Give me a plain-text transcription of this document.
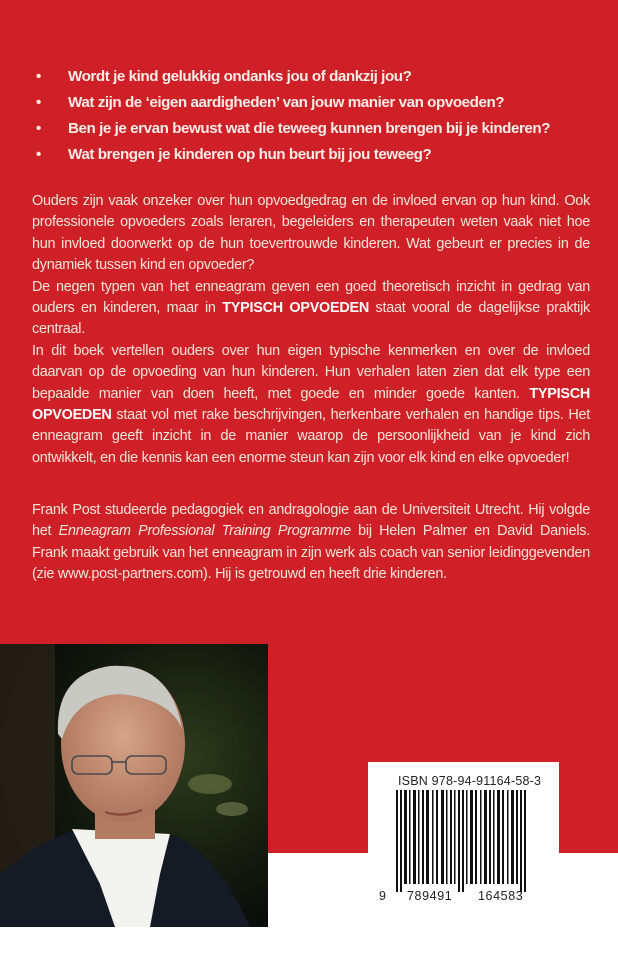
• Wordt je kind gelukkig ondanks jou of dankzij jou?
• Wat zijn de ‘eigen aardigheden’ van jouw manier van opvoeden?
• Ben je je ervan bewust wat die teweeg kunnen brengen bij je kinderen?
• Wat brengen je kinderen op hun beurt bij jou teweeg?

Ouders zijn vaak onzeker over hun opvoedgedrag en de invloed ervan op hun kind. Ook professionele opvoeders zoals leraren, begeleiders en therapeuten weten vaak niet hoe hun invloed doorwerkt op de hun toevertrouwde kinderen. Wat gebeurt er precies in de dynamiek tussen kind en opvoeder?
De negen typen van het enneagram geven een goed theoretisch inzicht in gedrag van ouders en kinderen, maar in TYPISCH OPVOEDEN staat vooral de dagelijkse praktijk centraal.
In dit boek vertellen ouders over hun eigen typische kenmerken en over de invloed daarvan op de opvoeding van hun kinderen. Hun verhalen laten zien dat elk type een bepaalde manier van doen heeft, met goede en minder goede kanten. TYPISCH OPVOEDEN staat vol met rake beschrijvingen, herkenbare verhalen en handige tips. Het enneagram geeft inzicht in de manier waarop de persoonlijkheid van je kind zich ontwikkelt, en die kennis kan een enorme steun kan zijn voor elk kind en elke opvoeder!

Frank Post studeerde pedagogiek en andragologie aan de Universiteit Utrecht. Hij volgde het Enneagram Professional Training Programme bij Helen Palmer en David Daniels. Frank maakt gebruik van het enneagram in zijn werk als coach van senior leidinggevenden (zie www.post-partners.com). Hij is getrouwd en heeft drie kinderen.

ISBN 978-94-91164-58-3
9 789491 164583
